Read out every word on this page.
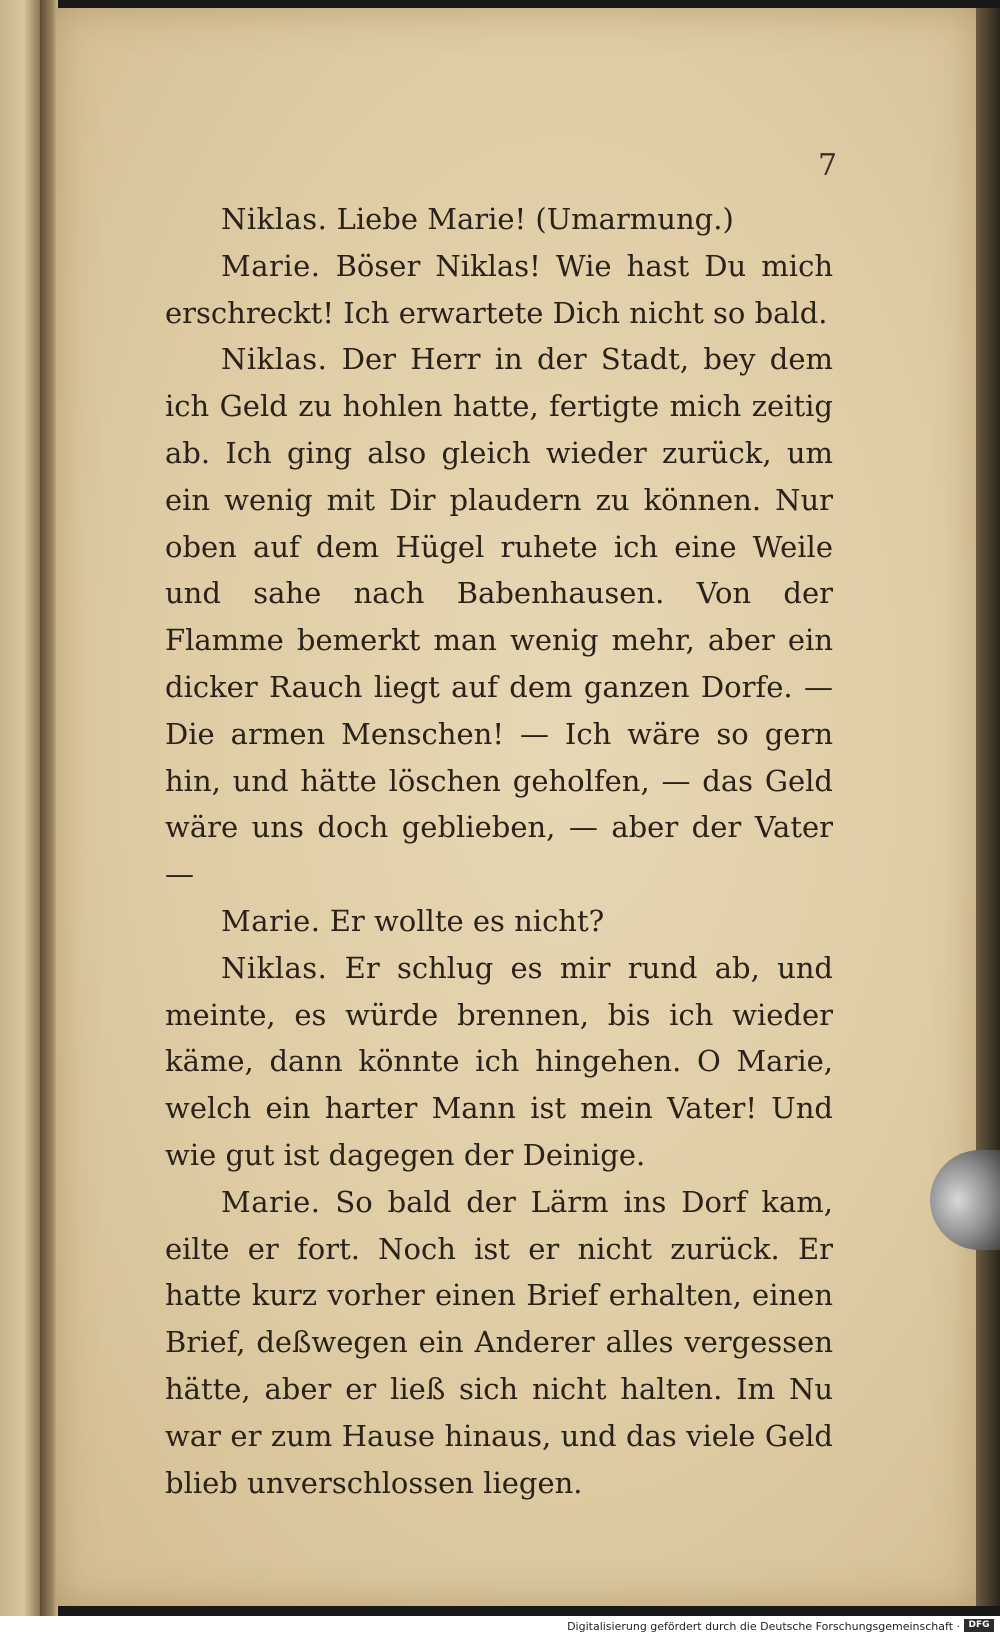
7

Niklas. Liebe Marie! (Umarmung.)

Marie. Böser Niklas! Wie hast Du mich erschreckt! Ich erwartete Dich nicht so bald.

Niklas. Der Herr in der Stadt, bey dem ich Geld zu hohlen hatte, fertigte mich zeitig ab. Ich ging also gleich wieder zurück, um ein wenig mit Dir plaudern zu können. Nur oben auf dem Hügel ruhete ich eine Weile und sahe nach Babenhausen. Von der Flamme bemerkt man wenig mehr, aber ein dicker Rauch liegt auf dem ganzen Dorfe. — Die armen Menschen! — Ich wäre so gern hin, und hätte löschen geholfen, — das Geld wäre uns doch geblieben, — aber der Vater —

Marie. Er wollte es nicht?

Niklas. Er schlug es mir rund ab, und meinte, es würde brennen, bis ich wieder käme, dann könnte ich hingehen. O Marie, welch ein harter Mann ist mein Vater! Und wie gut ist dagegen der Deinige.

Marie. So bald der Lärm ins Dorf kam, eilte er fort. Noch ist er nicht zurück. Er hatte kurz vorher einen Brief erhalten, einen Brief, deßwegen ein Anderer alles vergessen hätte, aber er ließ sich nicht halten. Im Nu war er zum Hause hinaus, und das viele Geld blieb unverschlossen liegen.

Digitalisierung gefördert durch die Deutsche Forschungsgemeinschaft · DFG
